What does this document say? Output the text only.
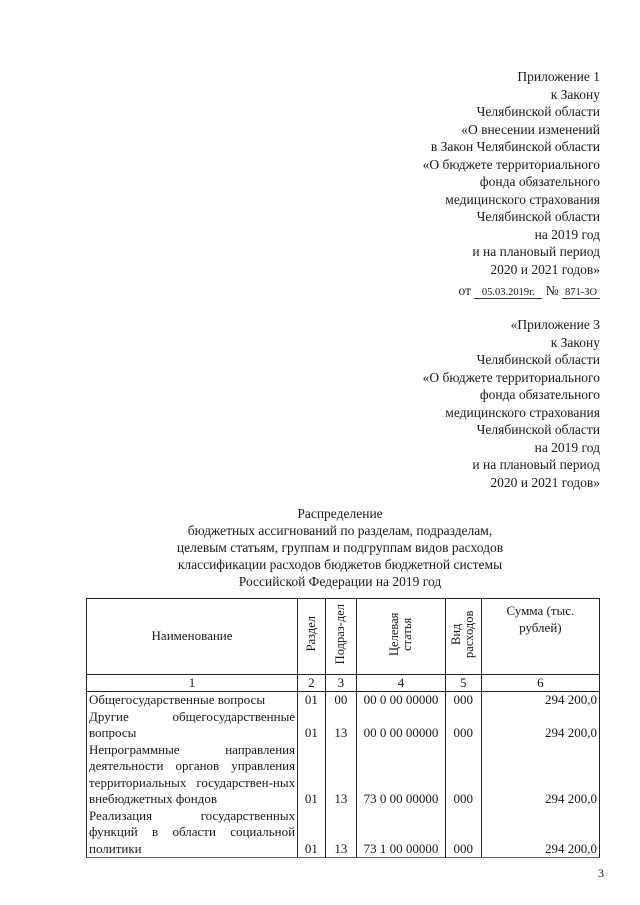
Приложение 1
к Закону
Челябинской области
«О внесении изменений
в Закон Челябинской области
«О бюджете территориального
фонда обязательного
медицинского страхования
Челябинской области
на 2019 год
и на плановый период
2020 и 2021 годов»
от 05.03.2019г. № 871-ЗО
«Приложение 3
к Закону
Челябинской области
«О бюджете территориального
фонда обязательного
медицинского страхования
Челябинской области
на 2019 год
и на плановый период
2020 и 2021 годов»
Распределение
бюджетных ассигнований по разделам, подразделам,
целевым статьям, группам и подгруппам видов расходов
классификации расходов бюджетов бюджетной системы
Российской Федерации на 2019 год
Наименование	Раздел	Подраз-дел	Целевая статья	Вид расходов	Сумма (тыс. рублей)
1	2	3	4	5	6
Общегосударственные вопросы	01	00	00 0 00 00000	000	294 200,0
Другие общегосударственные вопросы	01	13	00 0 00 00000	000	294 200,0
Непрограммные направления деятельности органов управления территориальных государствен-ных внебюджетных фондов	01	13	73 0 00 00000	000	294 200,0
Реализация государственных функций в области социальной политики	01	13	73 1 00 00000	000	294 200,0
3
